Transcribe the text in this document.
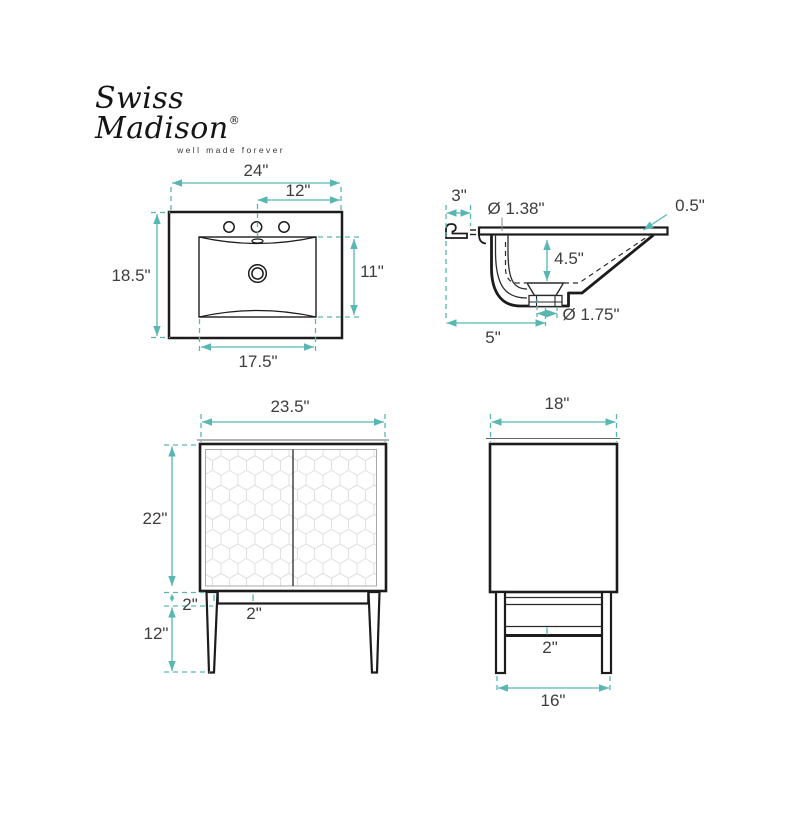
Swiss Madison®
well made forever
24"
12"
18.5"	11"
17.5"
3"
Ø 1.38"	0.5"
4.5"
Ø 1.75"
5"
23.5"
22"
2"	2"
12"
18"
2"
16"
